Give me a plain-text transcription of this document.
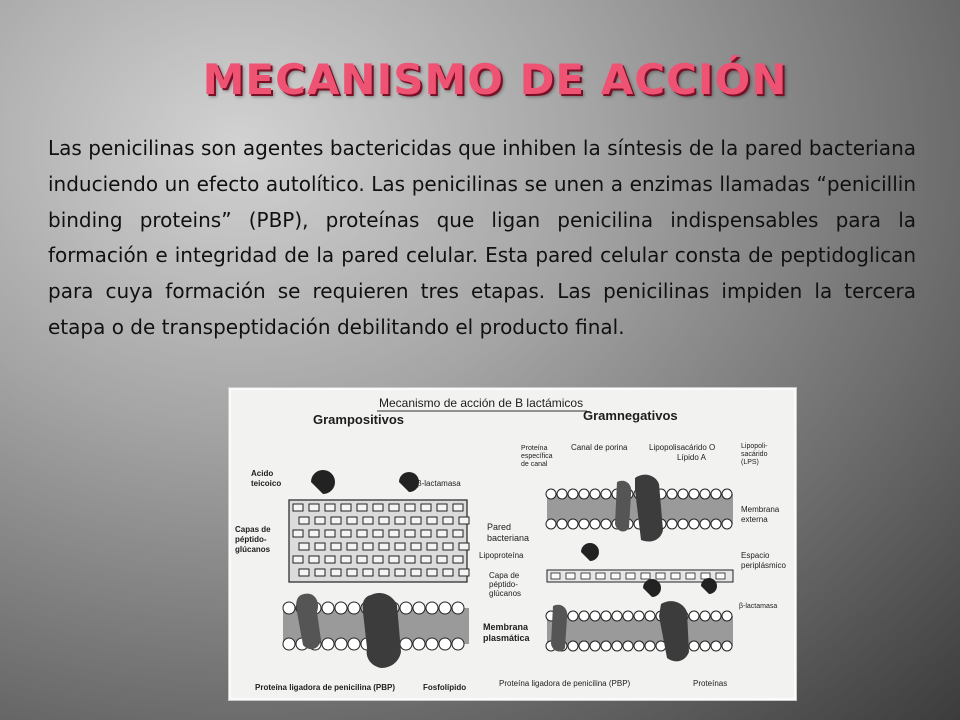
MECANISMO DE ACCIÓN

Las penicilinas son agentes bactericidas que inhiben la síntesis de la pared bacteriana induciendo un efecto autolítico. Las penicilinas se unen a enzimas llamadas “penicillin binding proteins” (PBP), proteínas que ligan penicilina indispensables para la formación e integridad de la pared celular. Esta pared celular consta de peptidoglican para cuya formación se requieren tres etapas. Las penicilinas impiden la tercera etapa o de transpeptidación debilitando el producto final.

Mecanismo de acción de B lactámicos
Grampositivos
Acido
teicoico	β-lactamasa
Capas de
péptido-
glúcanos
Proteína ligadora de penicilina (PBP)	Fosfolípido
Pared
bacteriana
Lipoproteína
Capa de
péptido-
glúcanos
Membrana
plasmática
Gramnegativos
Proteína
específica
de canal
Canal de porina	Lipopolisacárido O
Lípido A
Lipopoli-
sacárido
(LPS)
Membrana
externa
Espacio
periplásmico
β-lactamasa
Proteína ligadora de penicilina (PBP)	Proteínas
